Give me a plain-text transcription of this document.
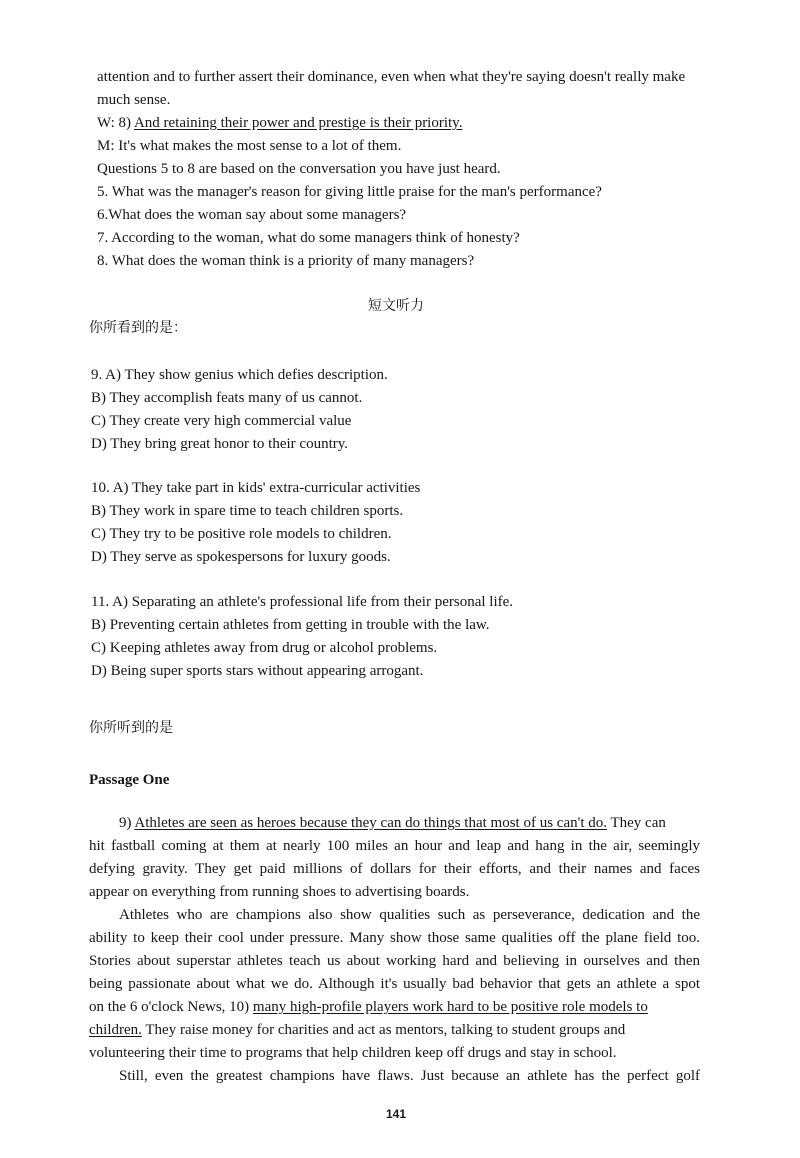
attention and to further assert their dominance, even when what they're saying doesn't really make
much sense.
W: 8) And retaining their power and prestige is their priority.
M: It's what makes the most sense to a lot of them.
Questions 5 to 8 are based on the conversation you have just heard.
5. What was the manager's reason for giving little praise for the man's performance?
6.What does the woman say about some managers?
7. According to the woman, what do some managers think of honesty?
8. What does the woman think is a priority of many managers?
短文听力
你所看到的是：
9. A) They show genius which defies description.
B) They accomplish feats many of us cannot.
C) They create very high commercial value
D) They bring great honor to their country.
10. A) They take part in kids' extra-curricular activities
B) They work in spare time to teach children sports.
C) They try to be positive role models to children.
D) They serve as spokespersons for luxury goods.
11. A) Separating an athlete's professional life from their personal life.
B) Preventing certain athletes from getting in trouble with the law.
C) Keeping athletes away from drug or alcohol problems.
D) Being super sports stars without appearing arrogant.
你所听到的是
Passage One
9) Athletes are seen as heroes because they can do things that most of us can't do. They can
hit fastball coming at them at nearly 100 miles an hour and leap and hang in the air, seemingly
defying gravity. They get paid millions of dollars for their efforts, and their names and faces
appear on everything from running shoes to advertising boards.
Athletes who are champions also show qualities such as perseverance, dedication and the
ability to keep their cool under pressure. Many show those same qualities off the plane field too.
Stories about superstar athletes teach us about working hard and believing in ourselves and then
being passionate about what we do. Although it's usually bad behavior that gets an athlete a spot
on the 6 o'clock News, 10) many high-profile players work hard to be positive role models to
children. They raise money for charities and act as mentors, talking to student groups and
volunteering their time to programs that help children keep off drugs and stay in school.
Still, even the greatest champions have flaws. Just because an athlete has the perfect golf
141
